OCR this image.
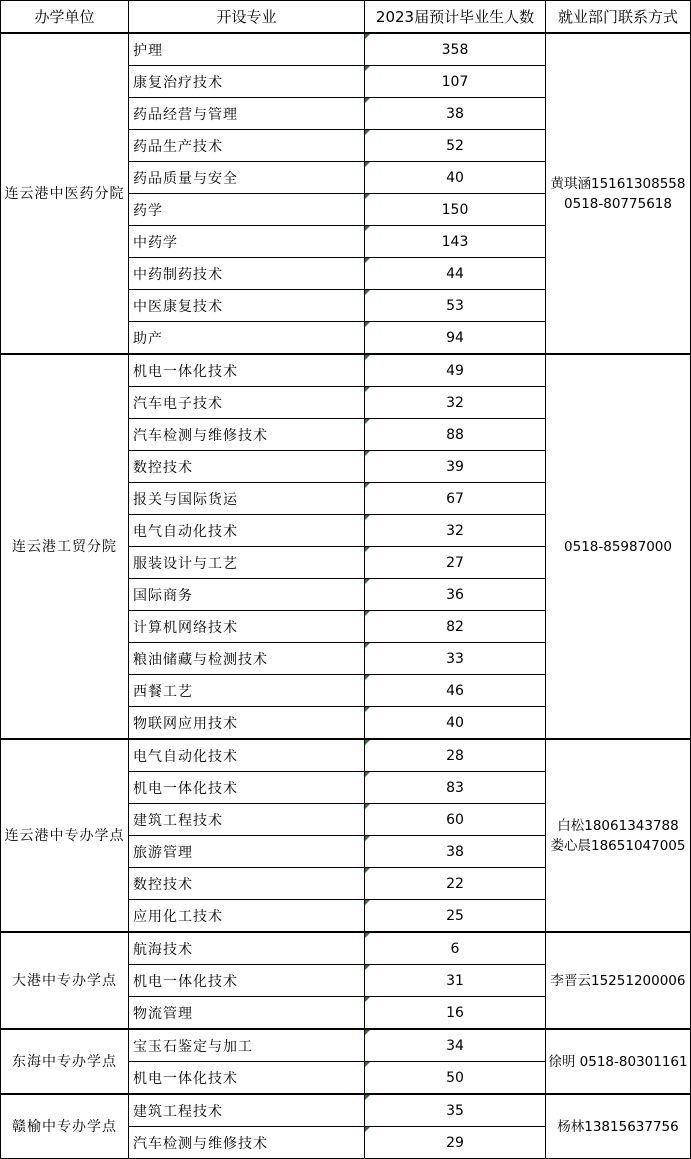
办学单位	开设专业	2023届预计毕业生人数	就业部门联系方式
连云港中医药分院	护理	358	黄琪涵15161308558
0518-80775618

	康复治疗技术	107	
	药品经营与管理	38	
	药品生产技术	52	
	药品质量与安全	40	
	药学	150	
	中药学	143	
	中药制药技术	44	
	中医康复技术	53	
	助产	94	
连云港工贸分院	机电一体化技术	49	0518-85987000

	汽车电子技术	32	
	汽车检测与维修技术	88	
	数控技术	39	
	报关与国际货运	67	
	电气自动化技术	32	
	服装设计与工艺	27	
	国际商务	36	
	计算机网络技术	82	
	粮油储藏与检测技术	33	
	西餐工艺	46	
	物联网应用技术	40	
连云港中专办学点	电气自动化技术	28	白松18061343788
娄心晨18651047005

	机电一体化技术	83	
	建筑工程技术	60	
	旅游管理	38	
	数控技术	22	
	应用化工技术	25	
大港中专办学点	航海技术	6	李晋云15251200006

	机电一体化技术	31	
	物流管理	16	
东海中专办学点	宝玉石鉴定与加工	34	徐明 0518-80301161

	机电一体化技术	50	
赣榆中专办学点	建筑工程技术	35	杨林13815637756

	汽车检测与维修技术	29	
